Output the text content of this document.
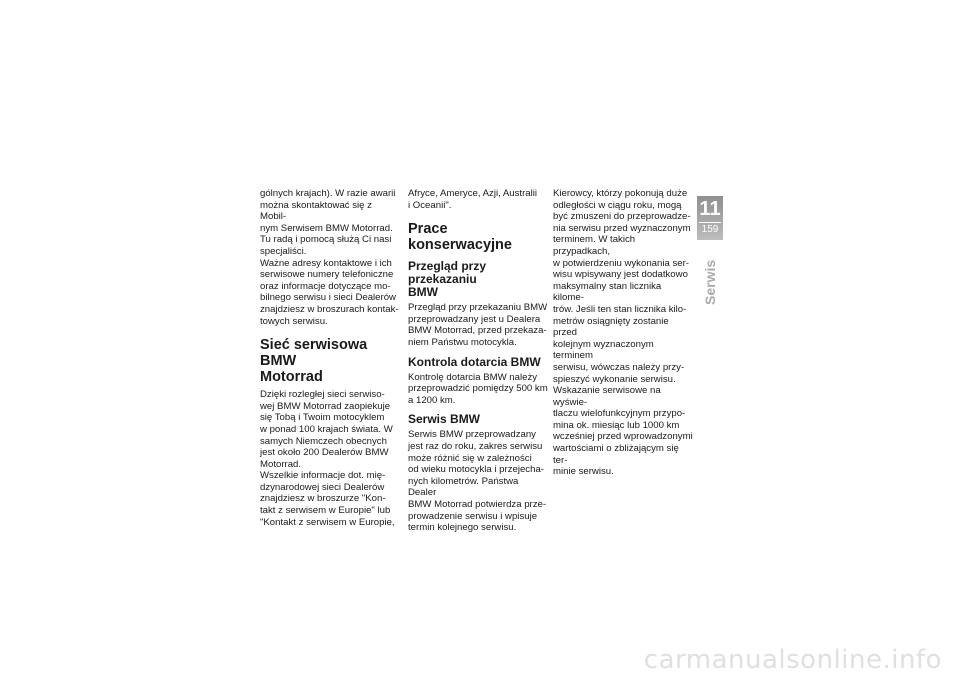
gólnych krajach). W razie awarii
można skontaktować się z Mobil-
nym Serwisem BMW Motorrad.
Tu radą i pomocą służą Ci nasi
specjaliści.
Ważne adresy kontaktowe i ich
serwisowe numery telefoniczne
oraz informacje dotyczące mo-
bilnego serwisu i sieci Dealerów
znajdziesz w broszurach kontak-
towych serwisu.

Sieć serwisowa BMW
Motorrad

Dzięki rozległej sieci serwiso-
wej BMW Motorrad zaopiekuje
się Tobą i Twoim motocyklem
w ponad 100 krajach świata. W
samych Niemczech obecnych
jest około 200 Dealerów BMW
Motorrad.
Wszelkie informacje dot. mię-
dzynarodowej sieci Dealerów
znajdziesz w broszurze "Kon-
takt z serwisem w Europie" lub
"Kontakt z serwisem w Europie,

Afryce, Ameryce, Azji, Australii
i Oceanii".

Prace konserwacyjne
Przegląd przy przekazaniu
BMW

Przegląd przy przekazaniu BMW
przeprowadzany jest u Dealera
BMW Motorrad, przed przekaza-
niem Państwu motocykla.

Kontrola dotarcia BMW

Kontrolę dotarcia BMW należy
przeprowadzić pomiędzy 500 km
a 1200 km.

Serwis BMW

Serwis BMW przeprowadzany
jest raz do roku, zakres serwisu
może różnić się w zależności
od wieku motocykla i przejecha-
nych kilometrów. Państwa Dealer
BMW Motorrad potwierdza prze-
prowadzenie serwisu i wpisuje
termin kolejnego serwisu.

Kierowcy, którzy pokonują duże
odległości w ciągu roku, mogą
być zmuszeni do przeprowadze-
nia serwisu przed wyznaczonym
terminem. W takich przypadkach,
w potwierdzeniu wykonania ser-
wisu wpisywany jest dodatkowo
maksymalny stan licznika kilome-
trów. Jeśli ten stan licznika kilo-
metrów osiągnięty zostanie przed
kolejnym wyznaczonym terminem
serwisu, wówczas należy przy-
spieszyć wykonanie serwisu.
Wskazanie serwisowe na wyświe-
tlaczu wielofunkcyjnym przypo-
mina ok. miesiąc lub 1000 km
wcześniej przed wprowadzonymi
wartościami o zbliżającym się ter-
minie serwisu.

11
159
Serwis
carmanualsonline.info
